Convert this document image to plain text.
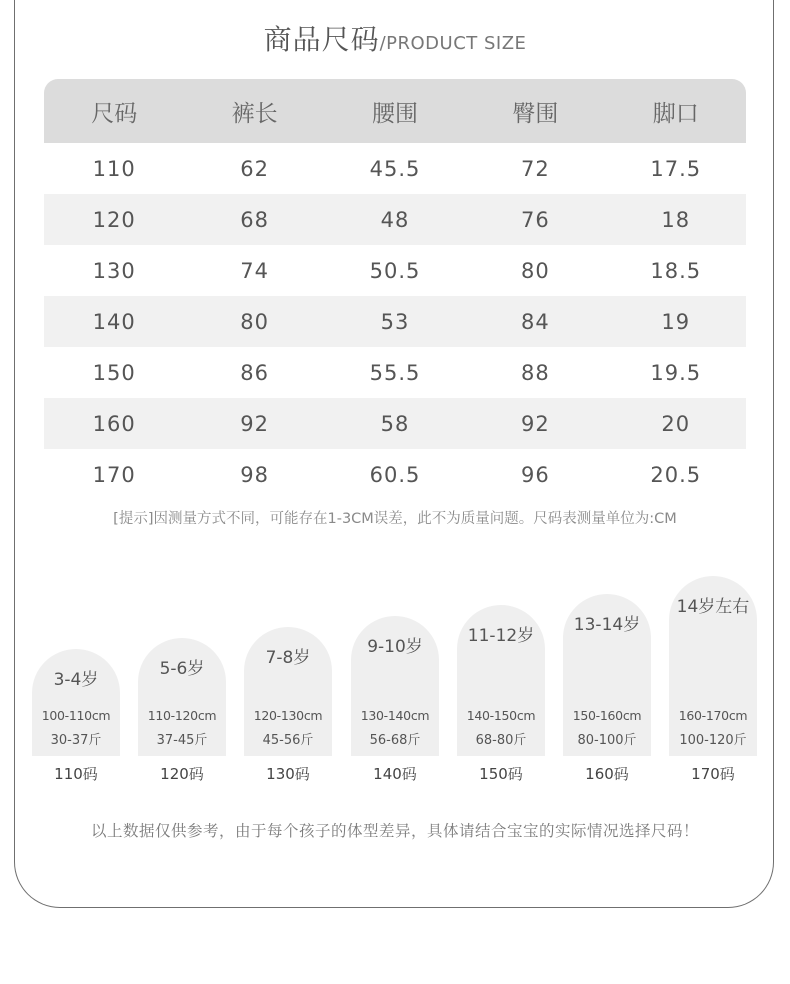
商品尺码/PRODUCT SIZE
尺码	裤长	腰围	臀围	脚口
110	62	45.5	72	17.5
120	68	48	76	18
130	74	50.5	80	18.5
140	80	53	84	19
150	86	55.5	88	19.5
160	92	58	92	20
170	98	60.5	96	20.5
[提示]因测量方式不同，可能存在1-3CM误差，此不为质量问题。尺码表测量单位为:CM
3-4岁
100-110cm
30-37斤
110码
5-6岁
110-120cm
37-45斤
120码
7-8岁
120-130cm
45-56斤
130码
9-10岁
130-140cm
56-68斤
140码
11-12岁
140-150cm
68-80斤
150码
13-14岁
150-160cm
80-100斤
160码
14岁左右
160-170cm
100-120斤
170码
以上数据仅供参考，由于每个孩子的体型差异，具体请结合宝宝的实际情况选择尺码！
